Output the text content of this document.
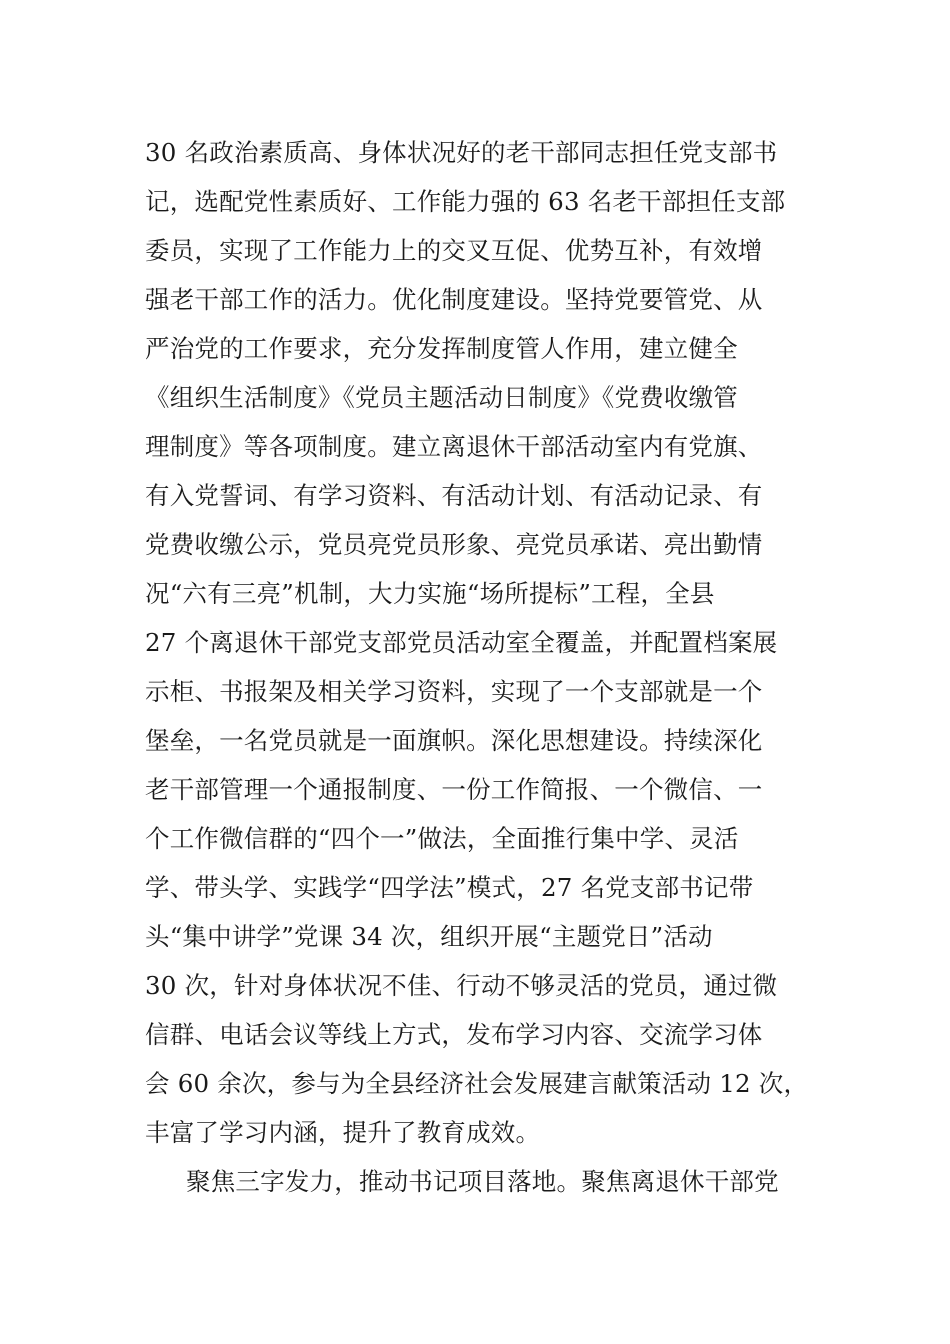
30 名政治素质高、身体状况好的老干部同志担任党支部书
记，选配党性素质好、工作能力强的 63 名老干部担任支部
委员，实现了工作能力上的交叉互促、优势互补，有效增
强老干部工作的活力。优化制度建设。坚持党要管党、从
严治党的工作要求，充分发挥制度管人作用，建立健全
《组织生活制度》《党员主题活动日制度》《党费收缴管
理制度》等各项制度。建立离退休干部活动室内有党旗、
有入党誓词、有学习资料、有活动计划、有活动记录、有
党费收缴公示，党员亮党员形象、亮党员承诺、亮出勤情
况“六有三亮”机制，大力实施“场所提标”工程，全县
27 个离退休干部党支部党员活动室全覆盖，并配置档案展
示柜、书报架及相关学习资料，实现了一个支部就是一个
堡垒，一名党员就是一面旗帜。深化思想建设。持续深化
老干部管理一个通报制度、一份工作简报、一个微信、一
个工作微信群的“四个一”做法，全面推行集中学、灵活
学、带头学、实践学“四学法”模式，27 名党支部书记带
头“集中讲学”党课 34 次，组织开展“主题党日”活动
30 次，针对身体状况不佳、行动不够灵活的党员，通过微
信群、电话会议等线上方式，发布学习内容、交流学习体
会 60 余次，参与为全县经济社会发展建言献策活动 12 次，
丰富了学习内涵，提升了教育成效。
聚焦三字发力，推动书记项目落地。聚焦离退休干部党
